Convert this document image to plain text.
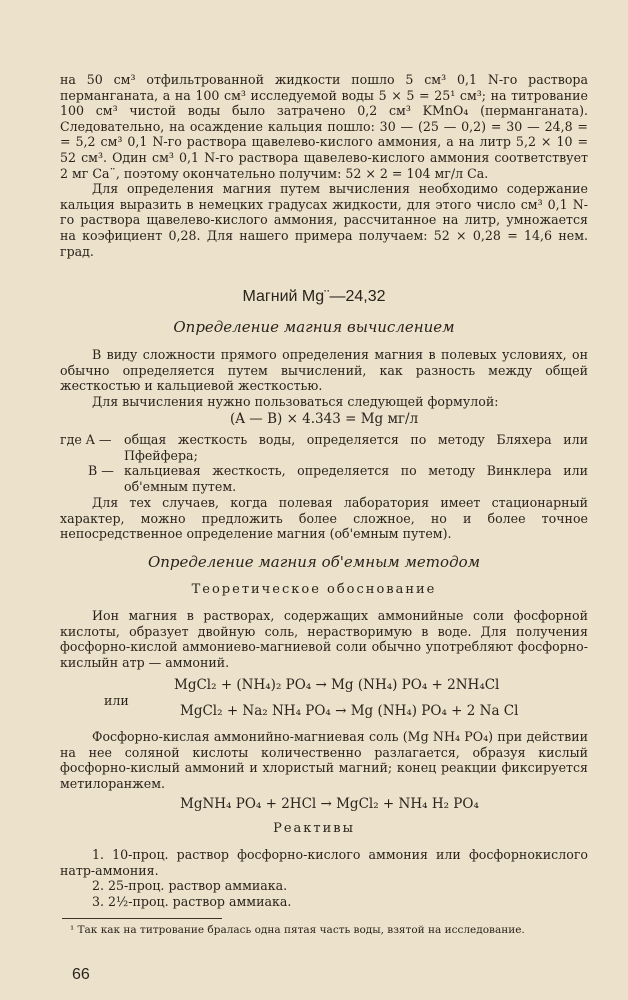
на 50 см³ отфильтрованной жидкости пошло 5 см³ 0,1 N-го раствора перманганата, а на 100 см³ исследуемой воды 5 × 5 = 25¹ см³; на титрование 100 см³ чистой воды было затрачено 0,2 см³ KMnO₄ (перманганата). Следовательно, на осаждение кальция пошло: 30 — (25 — 0,2) = 30 — 24,8 = = 5,2 см³ 0,1 N-го раствора щавелево-кислого аммония, а на литр 5,2 × 10 = 52 см³. Один см³ 0,1 N-го раствора щавелево-кислого аммония соответствует 2 мг Ca¨, поэтому окончательно получим: 52 × 2 = 104 мг/л Ca.

Для определения магния путем вычисления необходимо содержание кальция выразить в немецких градусах жидкости, для этого число см³ 0,1 N-го раствора щавелево-кислого аммония, рассчитанное на литр, умножается на коэфициент 0,28. Для нашего примера получаем: 52 × 0,28 = 14,6 нем. град.

Магний Mg¨—24,32
Определение магния вычислением

В виду сложности прямого определения магния в полевых условиях, он обычно определяется путем вычислений, как разность между общей жесткостью и кальциевой жесткостью.

Для вычисления нужно пользоваться следующей формулой:

(A — B) × 4.343 = Mg мг/л
где A — общая жесткость воды, определяется по методу Бляхера или Пфейфера;
B — кальциевая жесткость, определяется по методу Винклера или об'емным путем.

Для тех случаев, когда полевая лаборатория имеет стационарный характер, можно предложить более сложное, но и более точное непосредственное определение магния (об'емным путем).

Определение магния об'емным методом
Теоретическое обоснование

Ион магния в растворах, содержащих аммонийные соли фосфорной кислоты, образует двойную соль, нерастворимую в воде. Для получения фосфорно-кислой аммониево-магниевой соли обычно употребляют фосфорно-кислыйн атр — аммоний.

MgCl₂ + (NH₄)₂ PO₄ → Mg (NH₄) PO₄ + 2NH₄Cl
или
MgCl₂ + Na₂ NH₄ PO₄ → Mg (NH₄) PO₄ + 2 Na Cl

Фосфорно-кислая аммонийно-магниевая соль (Mg NH₄ PO₄) при действии на нее соляной кислоты количественно разлагается, образуя кислый фосфорно-кислый аммоний и хлористый магний; конец реакции фиксируется метилоранжем.

MgNH₄ PO₄ + 2HCl → MgCl₂ + NH₄ H₂ PO₄
Реактивы

1. 10-проц. раствор фосфорно-кислого аммония или фосфорнокислого натр-аммония.

2. 25-проц. раствор аммиака.

3. 2½-проц. раствор аммиака.

¹ Так как на титрование бралась одна пятая часть воды, взятой на исследование.
66
